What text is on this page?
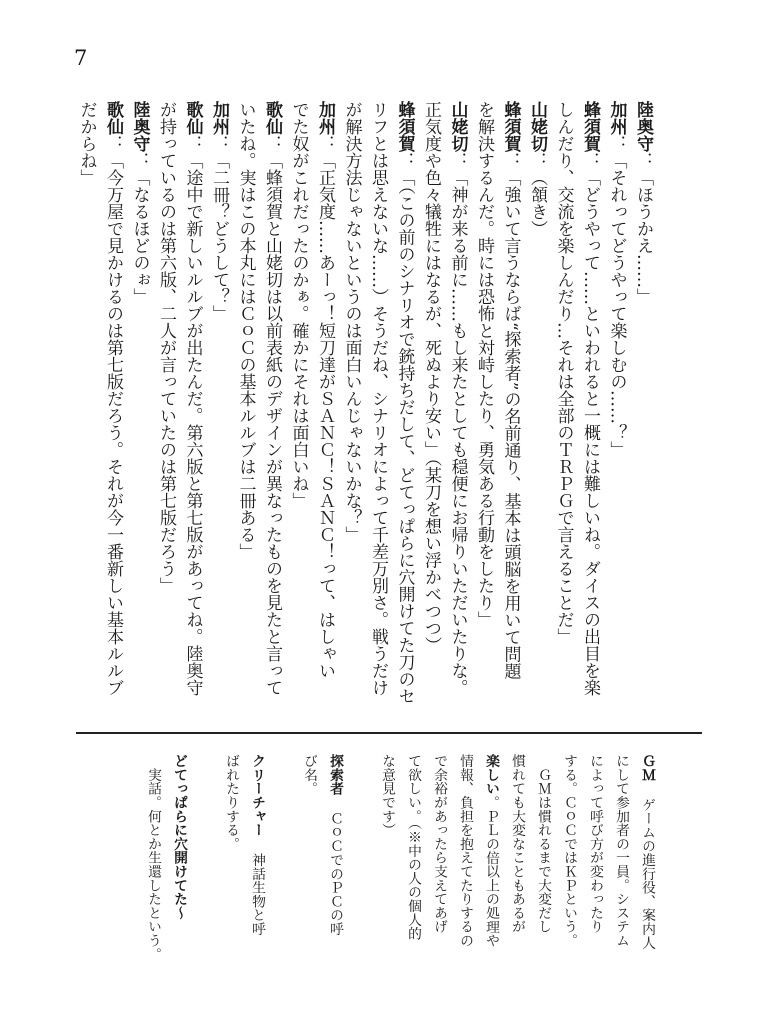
7
陸奥守：「ほうかえ……」
加州：「それってどうやって楽しむの……？」
蜂須賀：「どうやって……といわれると一概には難しいね。ダイスの出目を楽
しんだり、交流を楽しんだり…それは全部のＴＲＰＧで言えることだ」
山姥切：（頷き）
蜂須賀：「強いて言うならば“探索者”の名前通り、基本は頭脳を用いて問題
を解決するんだ。時には恐怖と対峙したり、勇気ある行動をしたり」
山姥切：「神が来る前に……もし来たとしても穏便にお帰りいただいたりな。
正気度や色々犠牲にはなるが、死ぬより安い」（某刀を想い浮かべつつ）
蜂須賀：「（この前のシナリオで銃持ちだして、どてっぱらに穴開けてた刀のセ
リフとは思えないな……）そうだね、シナリオによって千差万別さ。戦うだけ
が解決方法じゃないというのは面白いんじゃないかな？」
加州：「正気度……あーっ！短刀達がＳＡＮＣ！ＳＡＮＣ！って、はしゃい
でた奴がこれだったのかぁ。確かにそれは面白いね」
歌仙：「蜂須賀と山姥切は以前表紙のデザインが異なったものを見たと言って
いたね。実はこの本丸にはＣｏＣの基本ルルブは二冊ある」
加州：「二冊？どうして？」
歌仙：「途中で新しいルルブが出たんだ。第六版と第七版があってね。陸奥守
が持っているのは第六版、二人が言っていたのは第七版だろう」
陸奥守：「なるほどのぉ」
歌仙：「今万屋で見かけるのは第七版だろう。それが今一番新しい基本ルルブ
だからね」
ＧＭゲームの進行役、案内人
にして参加者の一員。システム
によって呼び方が変わったり
する。ＣｏＣではＫＰという。
　ＧＭは慣れるまで大変だし
慣れても大変なこともあるが
楽しい。ＰＬの倍以上の処理や
情報、負担を抱えてたりするの
で余裕があったら支えてあげ
て欲しい。（※中の人の個人的
な意見です）
探索者ＣｏＣでのＰＣの呼
び名。
クリーチャー神話生物と呼
ばれたりする。
どてっぱらに穴開けてた～
　実話。何とか生還したという。
